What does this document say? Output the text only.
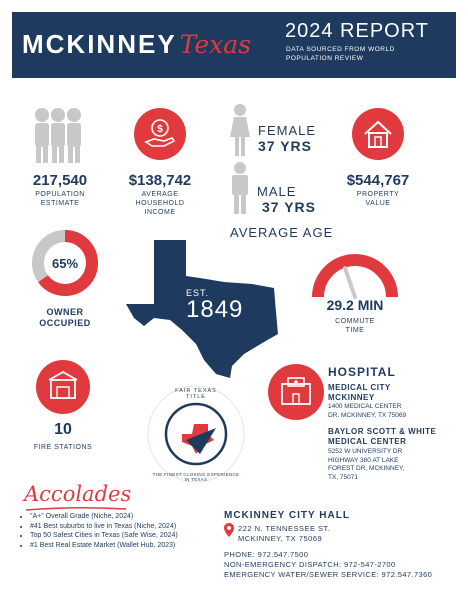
MCKINNEY Texas 2024 REPORT
DATA SOURCED FROM WORLD POPULATION REVIEW
217,540
POPULATION
ESTIMATE
$
$138,742
AVERAGE
HOUSEHOLD
INCOME
FEMALE
37 YRS
MALE
37 YRS
AVERAGE AGE
$544,767
PROPERTY
VALUE
65%
OWNER
OCCUPIED
EST.
1849	29.2 MIN
COMMUTE
TIME
10
FIRE STATIONS
FAIR TEXAS TITLE
THE FINEST CLOSING EXPERIENCE IN TEXAS
HOSPITAL
MEDICAL CITY
MCKINNEY
1400 MEDICAL CENTER
DR, MCKINNEY, TX 75069
BAYLOR SCOTT & WHITE
MEDICAL CENTER
5252 W UNIVERSITY DR
HIGHWAY 380 AT LAKE
FOREST DR, MCKINNEY,
TX, 75071
Accolades
• "A+" Overall Grade (Niche, 2024)
• #41 Best suburbs to live in Texas (Niche, 2024)
• Top 50 Safest Cities in Texas (Safe Wise, 2024)
• #1 Best Real Estate Market (Wallet Hub, 2023)
MCKINNEY CITY HALL
222 N. TENNESSEE ST.
MCKINNEY, TX 75069
PHONE: 972.547.7500
NON-EMERGENCY DISPATCH: 972-547-2700
EMERGENCY WATER/SEWER SERVICE: 972.547.7360
